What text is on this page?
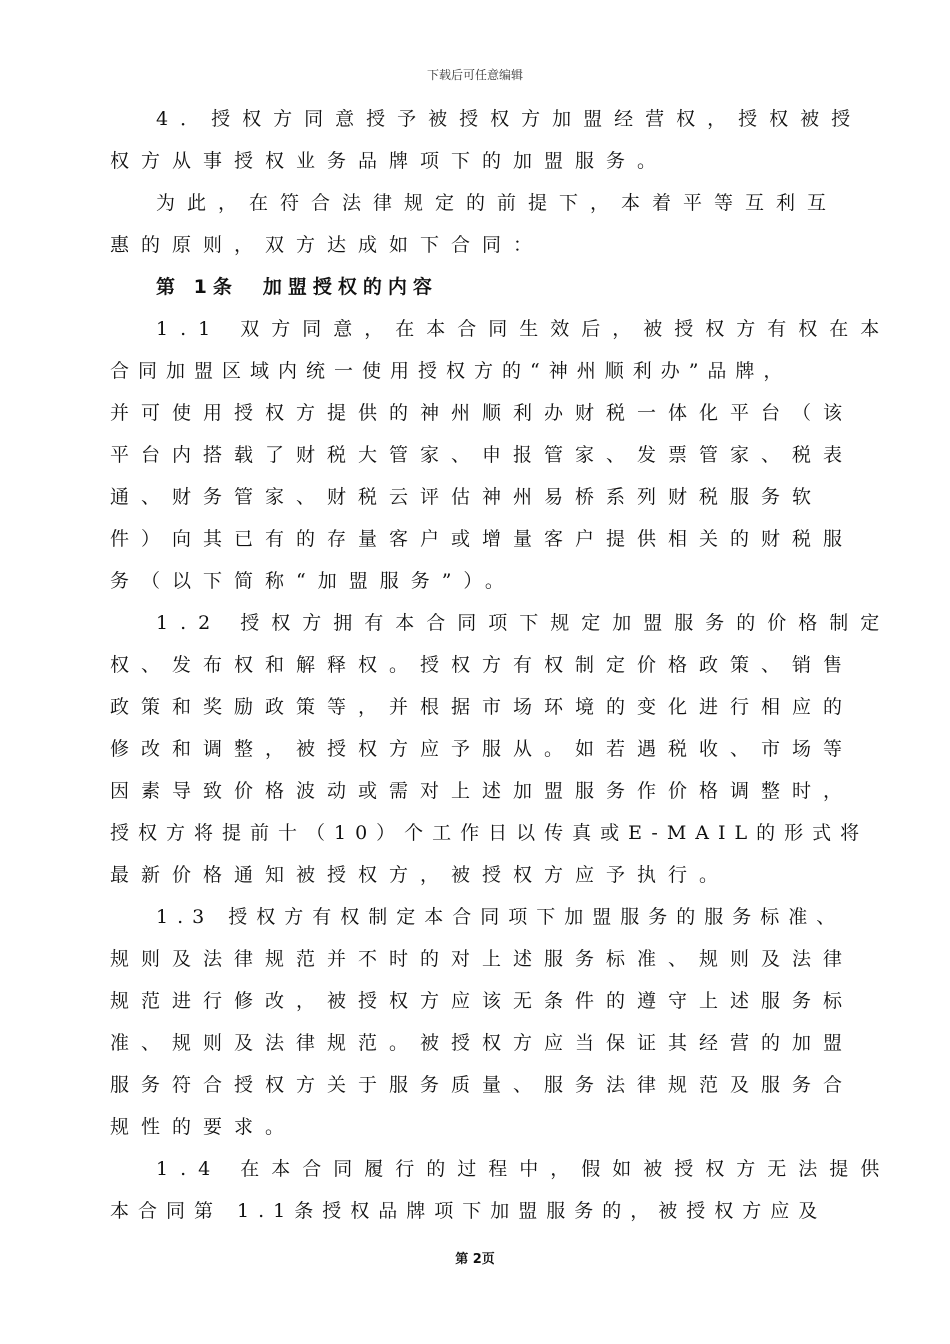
下载后可任意编辑
4．授权方同意授予被授权方加盟经营权，授权被授
权方从事授权业务品牌项下的加盟服务。
为此，在符合法律规定的前提下，本着平等互利互
惠的原则，双方达成如下合同：
第 1条　加盟授权的内容
1.1 双方同意，在本合同生效后，被授权方有权在本
合同加盟区域内统一使用授权方的“神州顺利办”品牌，
并可使用授权方提供的神州顺利办财税一体化平台（该
平台内搭载了财税大管家、申报管家、发票管家、税表
通、财务管家、财税云评估神州易桥系列财税服务软
件）向其已有的存量客户或增量客户提供相关的财税服
务（以下简称“加盟服务”）。
1.2 授权方拥有本合同项下规定加盟服务的价格制定
权、发布权和解释权。授权方有权制定价格政策、销售
政策和奖励政策等，并根据市场环境的变化进行相应的
修改和调整，被授权方应予服从。如若遇税收、市场等
因素导致价格波动或需对上述加盟服务作价格调整时，
授权方将提前十（10）个工作日以传真或E-MAIL的形式将
最新价格通知被授权方，被授权方应予执行。
1.3 授权方有权制定本合同项下加盟服务的服务标准、
规则及法律规范并不时的对上述服务标准、规则及法律
规范进行修改，被授权方应该无条件的遵守上述服务标
准、规则及法律规范。被授权方应当保证其经营的加盟
服务符合授权方关于服务质量、服务法律规范及服务合
规性的要求。
1.4 在本合同履行的过程中，假如被授权方无法提供
本合同第 1.1条授权品牌项下加盟服务的，被授权方应及
第 2页
